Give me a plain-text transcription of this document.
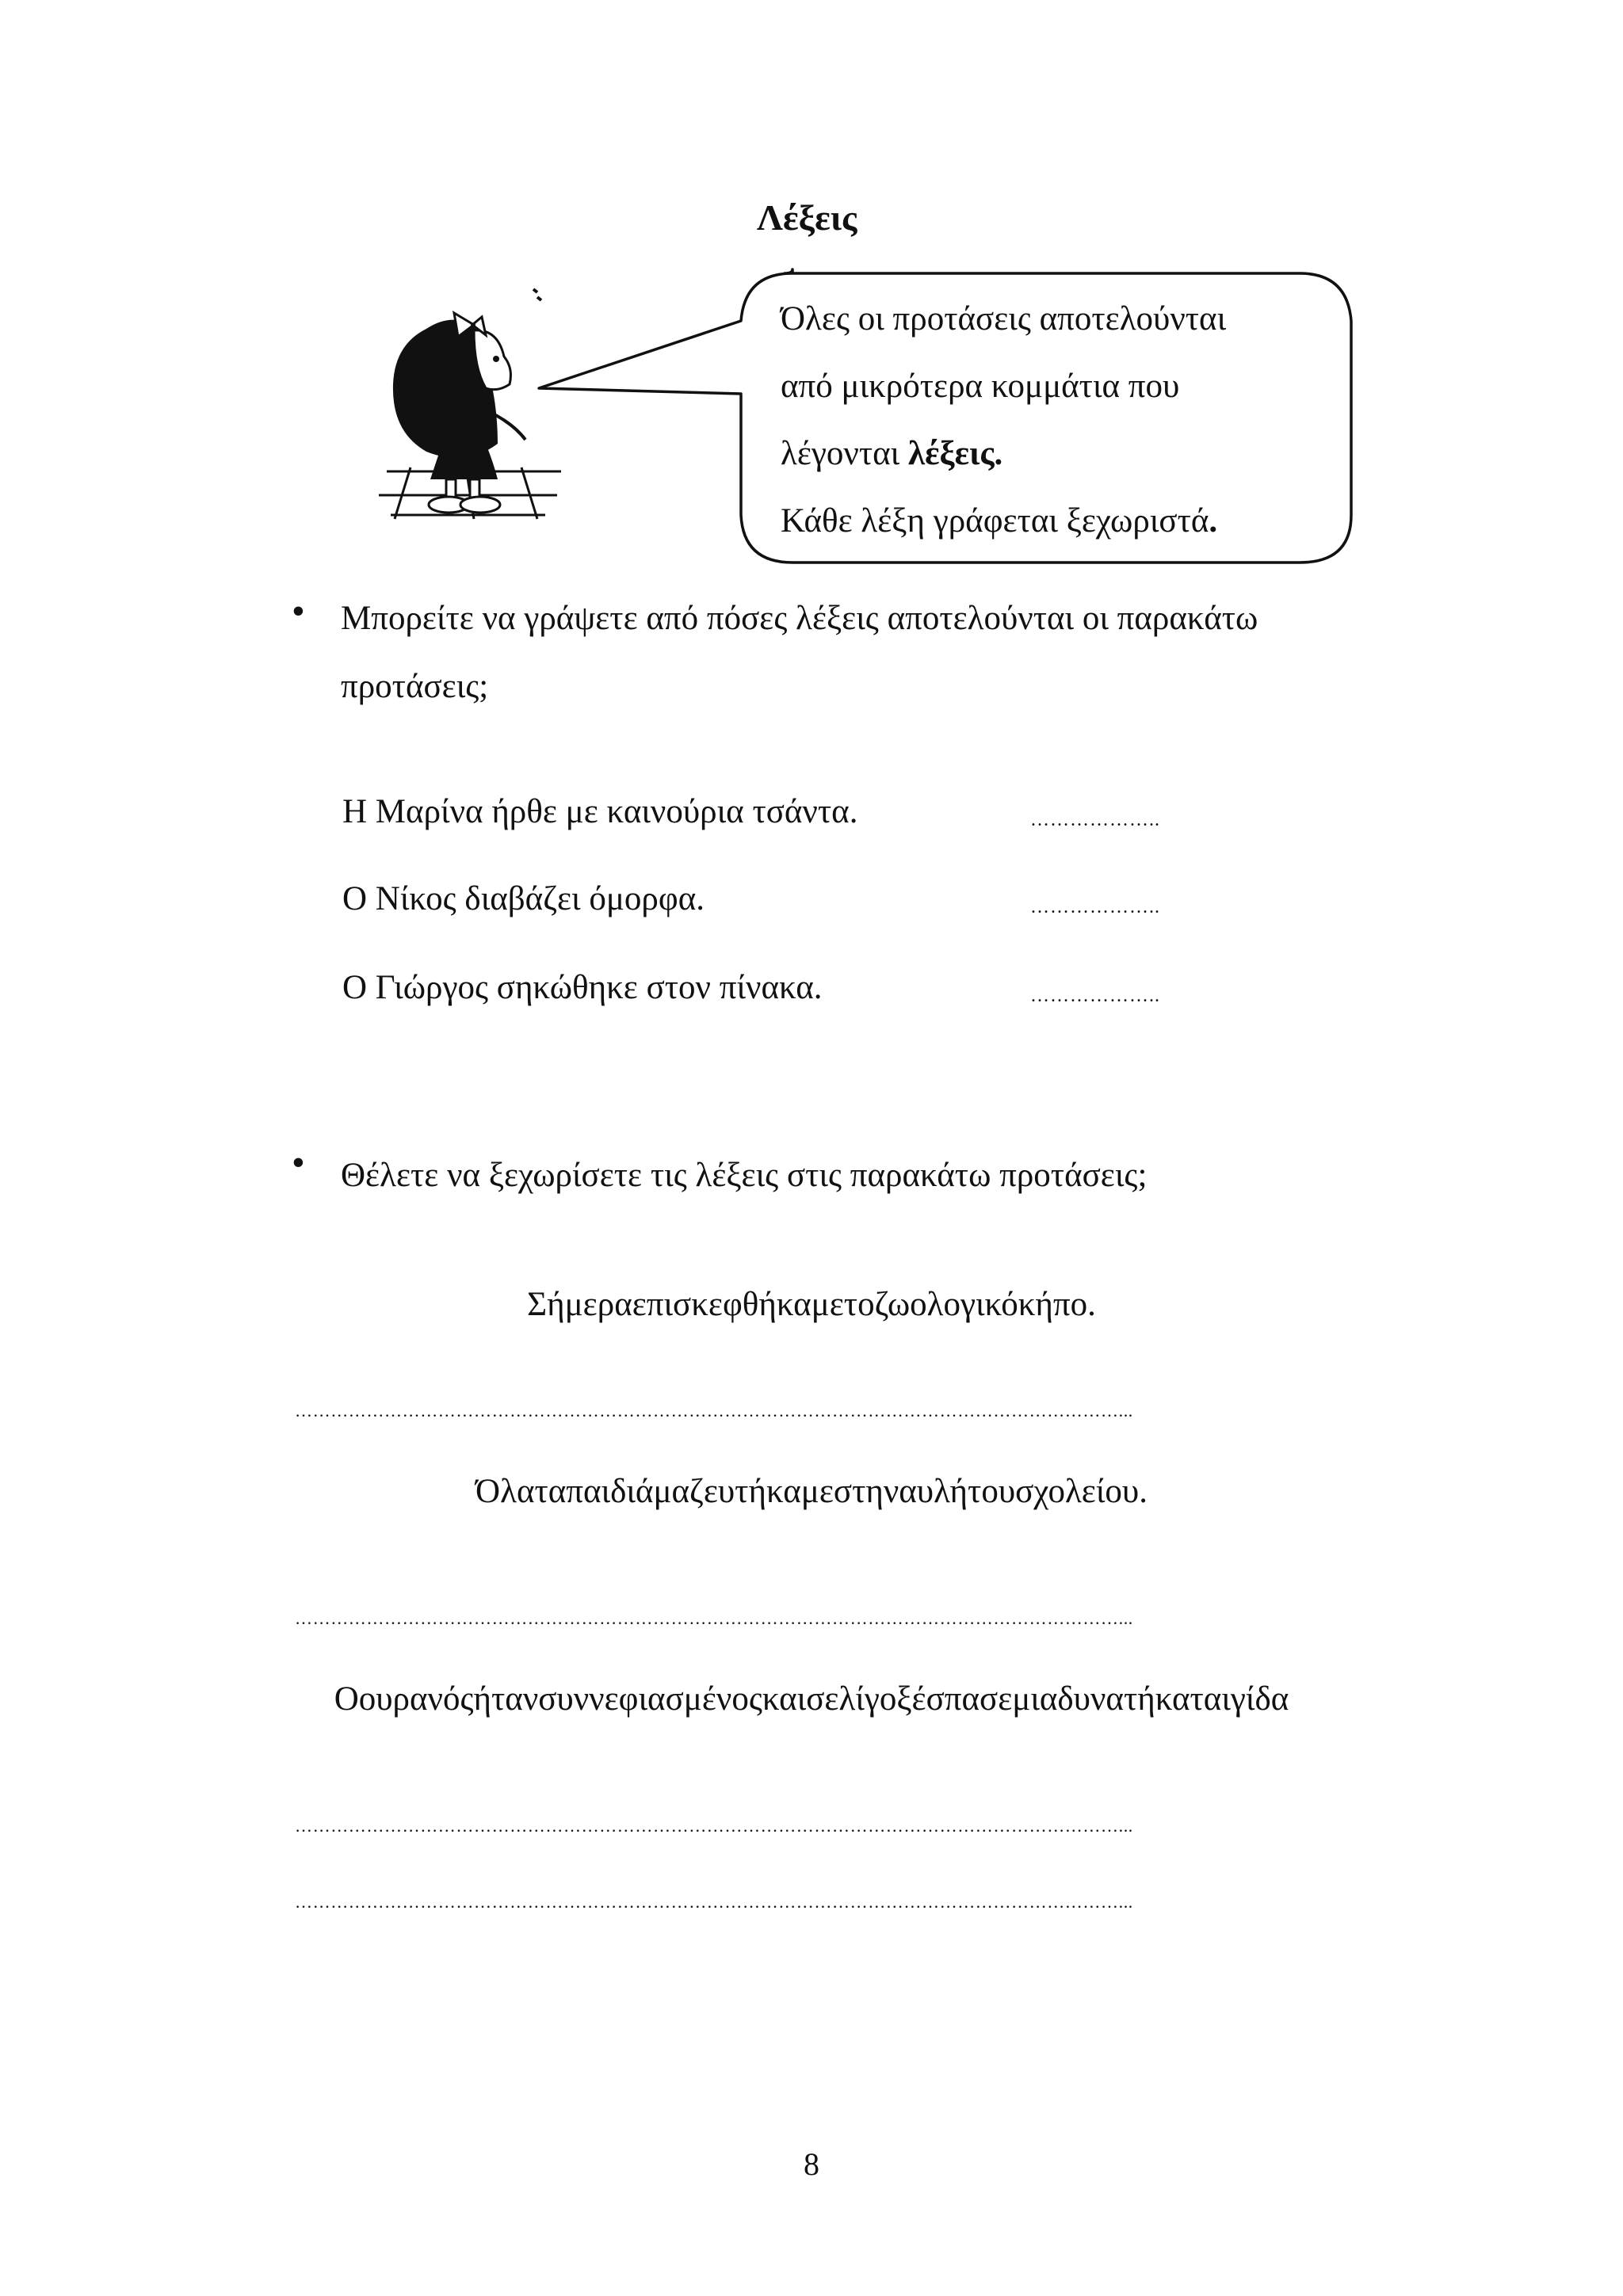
Λέξεις
Όλες οι προτάσεις αποτελούνται
από μικρότερα κομμάτια που
λέγονται λέξεις.
Κάθε λέξη γράφεται ξεχωριστά.
• Μπορείτε να γράψετε από πόσες λέξεις αποτελούνται οι παρακάτω προτάσεις;
Η Μαρίνα ήρθε με καινούρια τσάντα.	………………..
Ο Νίκος διαβάζει όμορφα.	………………..
Ο Γιώργος σηκώθηκε στον πίνακα.	………………..
• Θέλετε να ξεχωρίσετε τις λέξεις στις παρακάτω προτάσεις;
Σήμεραεπισκεφθήκαμετοζωολογικόκήπο.
…………………………………………………………………………………………………………………………...
Όλαταπαιδιάμαζευτήκαμεστηναυλήτουσχολείου.
…………………………………………………………………………………………………………………………...
Οουρανόςήτανσυννεφιασμένοςκαισελίγοξέσπασεμιαδυνατήκαταιγίδα
…………………………………………………………………………………………………………………………...
…………………………………………………………………………………………………………………………...
8
